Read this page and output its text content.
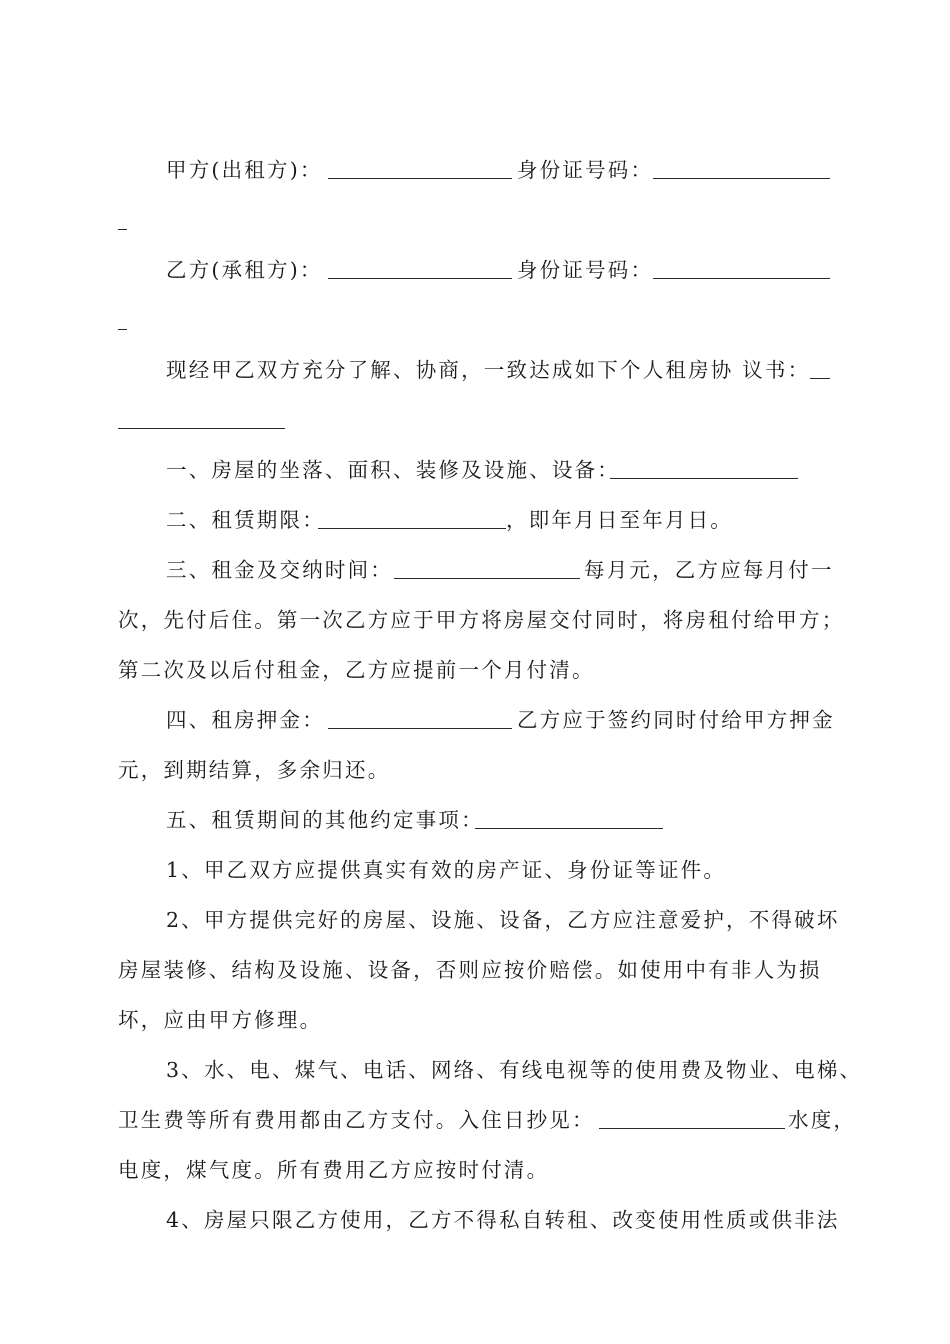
甲方(出租方)：	身份证号码：
乙方(承租方)：	身份证号码：
现经甲乙双方充分了解、协商，一致达成如下个人租房协 议书：
一、房屋的坐落、面积、装修及设施、设备：
二、租赁期限：	，即年月日至年月日。
三、租金及交纳时间：	每月元，乙方应每月付一
次，先付后住。第一次乙方应于甲方将房屋交付同时，将房租付给甲方；
第二次及以后付租金，乙方应提前一个月付清。
四、租房押金：	乙方应于签约同时付给甲方押金
元，到期结算，多余归还。
五、租赁期间的其他约定事项：
1、甲乙双方应提供真实有效的房产证、身份证等证件。
2、甲方提供完好的房屋、设施、设备，乙方应注意爱护，不得破坏
房屋装修、结构及设施、设备，否则应按价赔偿。如使用中有非人为损
坏，应由甲方修理。
3、水、电、煤气、电话、网络、有线电视等的使用费及物业、电梯、
卫生费等所有费用都由乙方支付。入住日抄见：	水度，
电度，煤气度。所有费用乙方应按时付清。
4、房屋只限乙方使用，乙方不得私自转租、改变使用性质或供非法
